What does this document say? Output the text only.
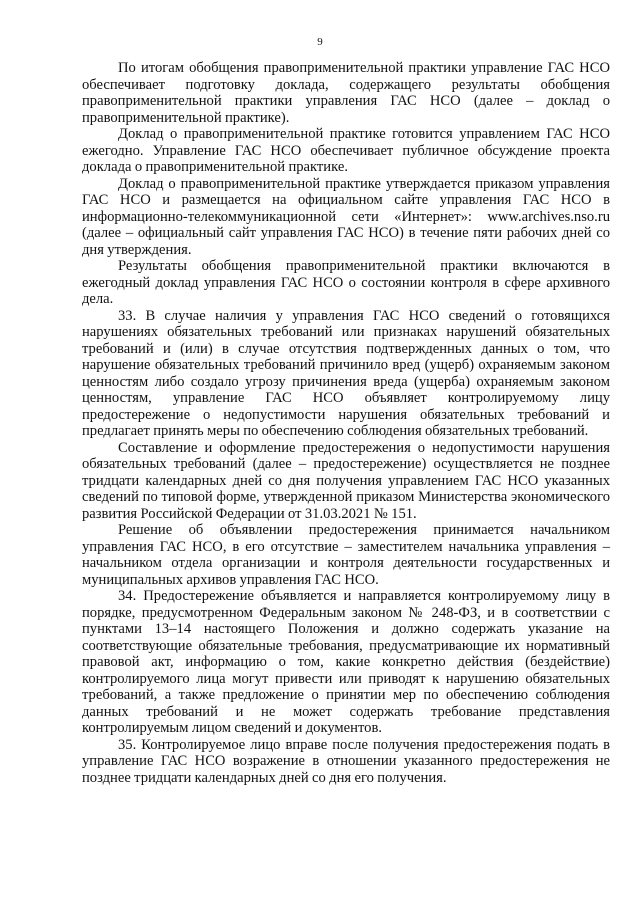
9

По итогам обобщения правоприменительной практики управление ГАС НСО обеспечивает подготовку доклада, содержащего результаты обобщения правоприменительной практики управления ГАС НСО (далее – доклад о правоприменительной практике).

Доклад о правоприменительной практике готовится управлением ГАС НСО ежегодно. Управление ГАС НСО обеспечивает публичное обсуждение проекта доклада о правоприменительной практике.

Доклад о правоприменительной практике утверждается приказом управления ГАС НСО и размещается на официальном сайте управления ГАС НСО в информационно-телекоммуникационной сети «Интернет»: www.archives.nso.ru (далее – официальный сайт управления ГАС НСО) в течение пяти рабочих дней со дня утверждения.

Результаты обобщения правоприменительной практики включаются в ежегодный доклад управления ГАС НСО о состоянии контроля в сфере архивного дела.

33. В случае наличия у управления ГАС НСО сведений о готовящихся нарушениях обязательных требований или признаках нарушений обязательных требований и (или) в случае отсутствия подтвержденных данных о том, что нарушение обязательных требований причинило вред (ущерб) охраняемым законом ценностям либо создало угрозу причинения вреда (ущерба) охраняемым законом ценностям, управление ГАС НСО объявляет контролируемому лицу предостережение о недопустимости нарушения обязательных требований и предлагает принять меры по обеспечению соблюдения обязательных требований.

Составление и оформление предостережения о недопустимости нарушения обязательных требований (далее – предостережение) осуществляется не позднее тридцати календарных дней со дня получения управлением ГАС НСО указанных сведений по типовой форме, утвержденной приказом Министерства экономического развития Российской Федерации от 31.03.2021 № 151.

Решение об объявлении предостережения принимается начальником управления ГАС НСО, в его отсутствие – заместителем начальника управления – начальником отдела организации и контроля деятельности государственных и муниципальных архивов управления ГАС НСО.

34. Предостережение объявляется и направляется контролируемому лицу в порядке, предусмотренном Федеральным законом № 248-ФЗ, и в соответствии с пунктами 13–14 настоящего Положения и должно содержать указание на соответствующие обязательные требования, предусматривающие их нормативный правовой акт, информацию о том, какие конкретно действия (бездействие) контролируемого лица могут привести или приводят к нарушению обязательных требований, а также предложение о принятии мер по обеспечению соблюдения данных требований и не может содержать требование представления контролируемым лицом сведений и документов.

35. Контролируемое лицо вправе после получения предостережения подать в управление ГАС НСО возражение в отношении указанного предостережения не позднее тридцати календарных дней со дня его получения.
